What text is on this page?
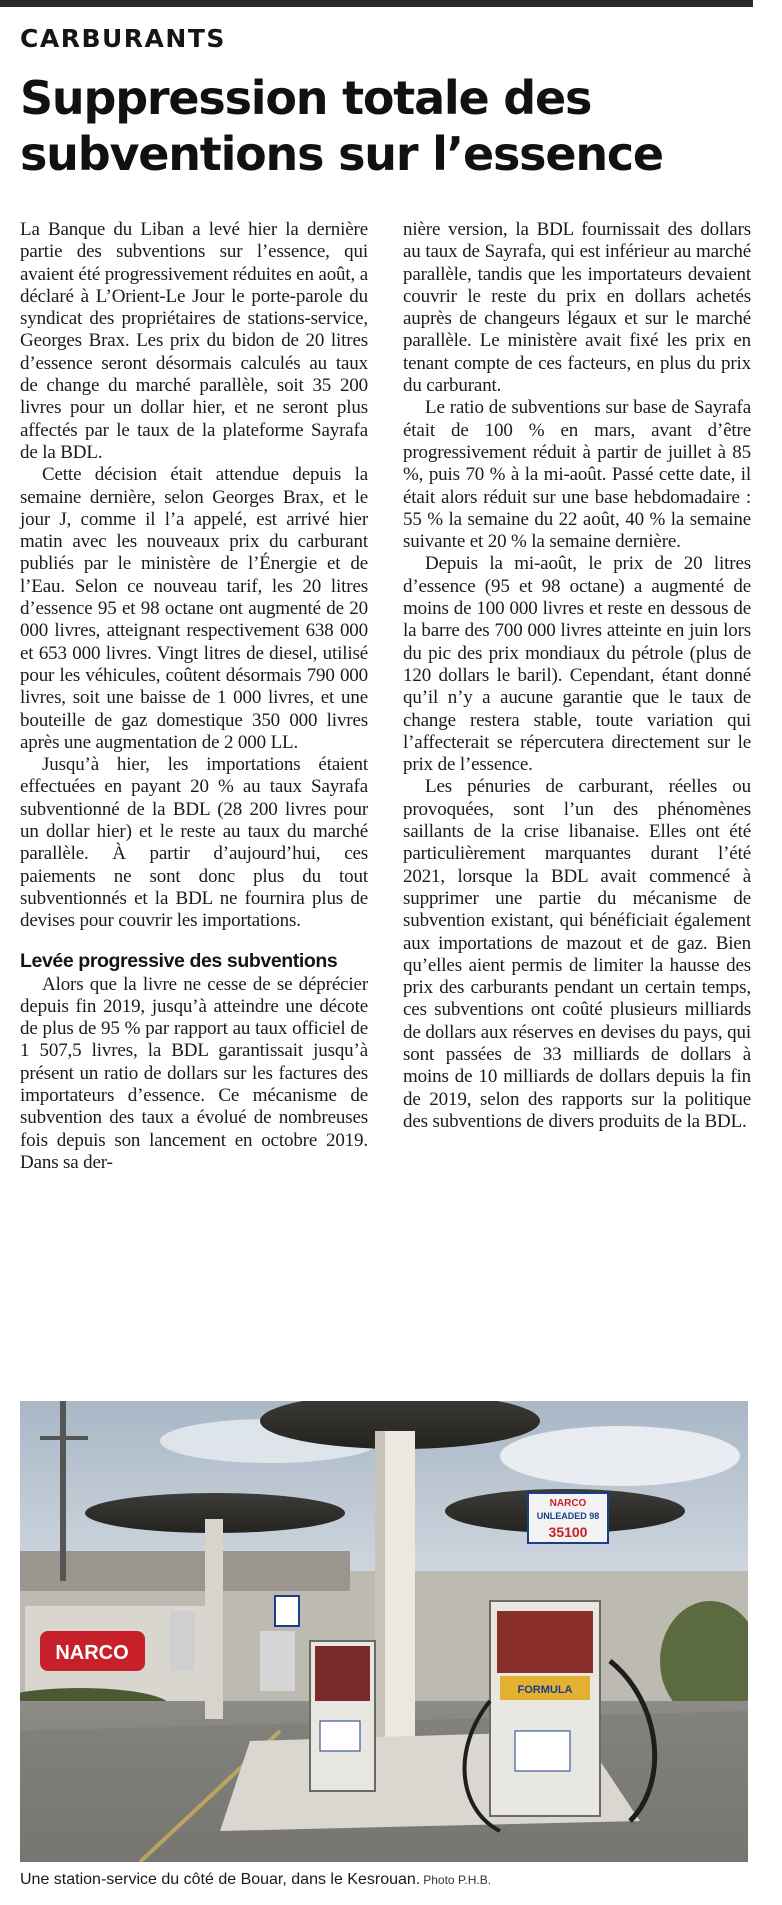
CARBURANTS
Suppression totale des subventions sur l’essence

La Banque du Liban a levé hier la dernière partie des subventions sur l’essence, qui avaient été progressivement réduites en août, a déclaré à L’Orient-Le Jour le porte-parole du syndicat des propriétaires de stations-service, Georges Brax. Les prix du bidon de 20 litres d’essence seront désormais calculés au taux de change du marché parallèle, soit 35 200 livres pour un dollar hier, et ne seront plus affectés par le taux de la plateforme Sayrafa de la BDL.

Cette décision était attendue depuis la semaine dernière, selon Georges Brax, et le jour J, comme il l’a appelé, est arrivé hier matin avec les nouveaux prix du carburant publiés par le ministère de l’Énergie et de l’Eau. Selon ce nouveau tarif, les 20 litres d’essence 95 et 98 octane ont augmenté de 20 000 livres, atteignant respectivement 638 000 et 653 000 livres. Vingt litres de diesel, utilisé pour les véhicules, coûtent désormais 790 000 livres, soit une baisse de 1 000 livres, et une bouteille de gaz domestique 350 000 livres après une augmentation de 2 000 LL.

Jusqu’à hier, les importations étaient effectuées en payant 20 % au taux Sayrafa subventionné de la BDL (28 200 livres pour un dollar hier) et le reste au taux du marché parallèle. À partir d’aujourd’hui, ces paiements ne sont donc plus du tout subventionnés et la BDL ne fournira plus de devises pour couvrir les importations.

Levée progressive des subventions

Alors que la livre ne cesse de se déprécier depuis fin 2019, jusqu’à atteindre une décote de plus de 95 % par rapport au taux officiel de 1 507,5 livres, la BDL garantissait jusqu’à présent un ratio de dollars sur les factures des importateurs d’essence. Ce mécanisme de subvention des taux a évolué de nombreuses fois depuis son lancement en octobre 2019. Dans sa der-

nière version, la BDL fournissait des dollars au taux de Sayrafa, qui est inférieur au marché parallèle, tandis que les importateurs devaient couvrir le reste du prix en dollars achetés auprès de changeurs légaux et sur le marché parallèle. Le ministère avait fixé les prix en tenant compte de ces facteurs, en plus du prix du carburant.

Le ratio de subventions sur base de Sayrafa était de 100 % en mars, avant d’être progressivement réduit à partir de juillet à 85 %, puis 70 % à la mi-août. Passé cette date, il était alors réduit sur une base hebdomadaire : 55 % la semaine du 22 août, 40 % la semaine suivante et 20 % la semaine dernière.

Depuis la mi-août, le prix de 20 litres d’essence (95 et 98 octane) a augmenté de moins de 100 000 livres et reste en dessous de la barre des 700 000 livres atteinte en juin lors du pic des prix mondiaux du pétrole (plus de 120 dollars le baril). Cependant, étant donné qu’il n’y a aucune garantie que le taux de change restera stable, toute variation qui l’affecterait se répercutera directement sur le prix de l’essence.

Les pénuries de carburant, réelles ou provoquées, sont l’un des phénomènes saillants de la crise libanaise. Elles ont été particulièrement marquantes durant l’été 2021, lorsque la BDL avait commencé à supprimer une partie du mécanisme de subvention existant, qui bénéficiait également aux importations de mazout et de gaz. Bien qu’elles aient permis de limiter la hausse des prix des carburants pendant un certain temps, ces subventions ont coûté plusieurs milliards de dollars aux réserves en devises du pays, qui sont passées de 33 milliards de dollars à moins de 10 milliards de dollars depuis la fin de 2019, selon des rapports sur la politique des subventions de divers produits de la BDL.

NARCO
NARCO
UNLEADED 98
35100
FORMULA

Une station-service du côté de Bouar, dans le Kesrouan. Photo P.H.B.
